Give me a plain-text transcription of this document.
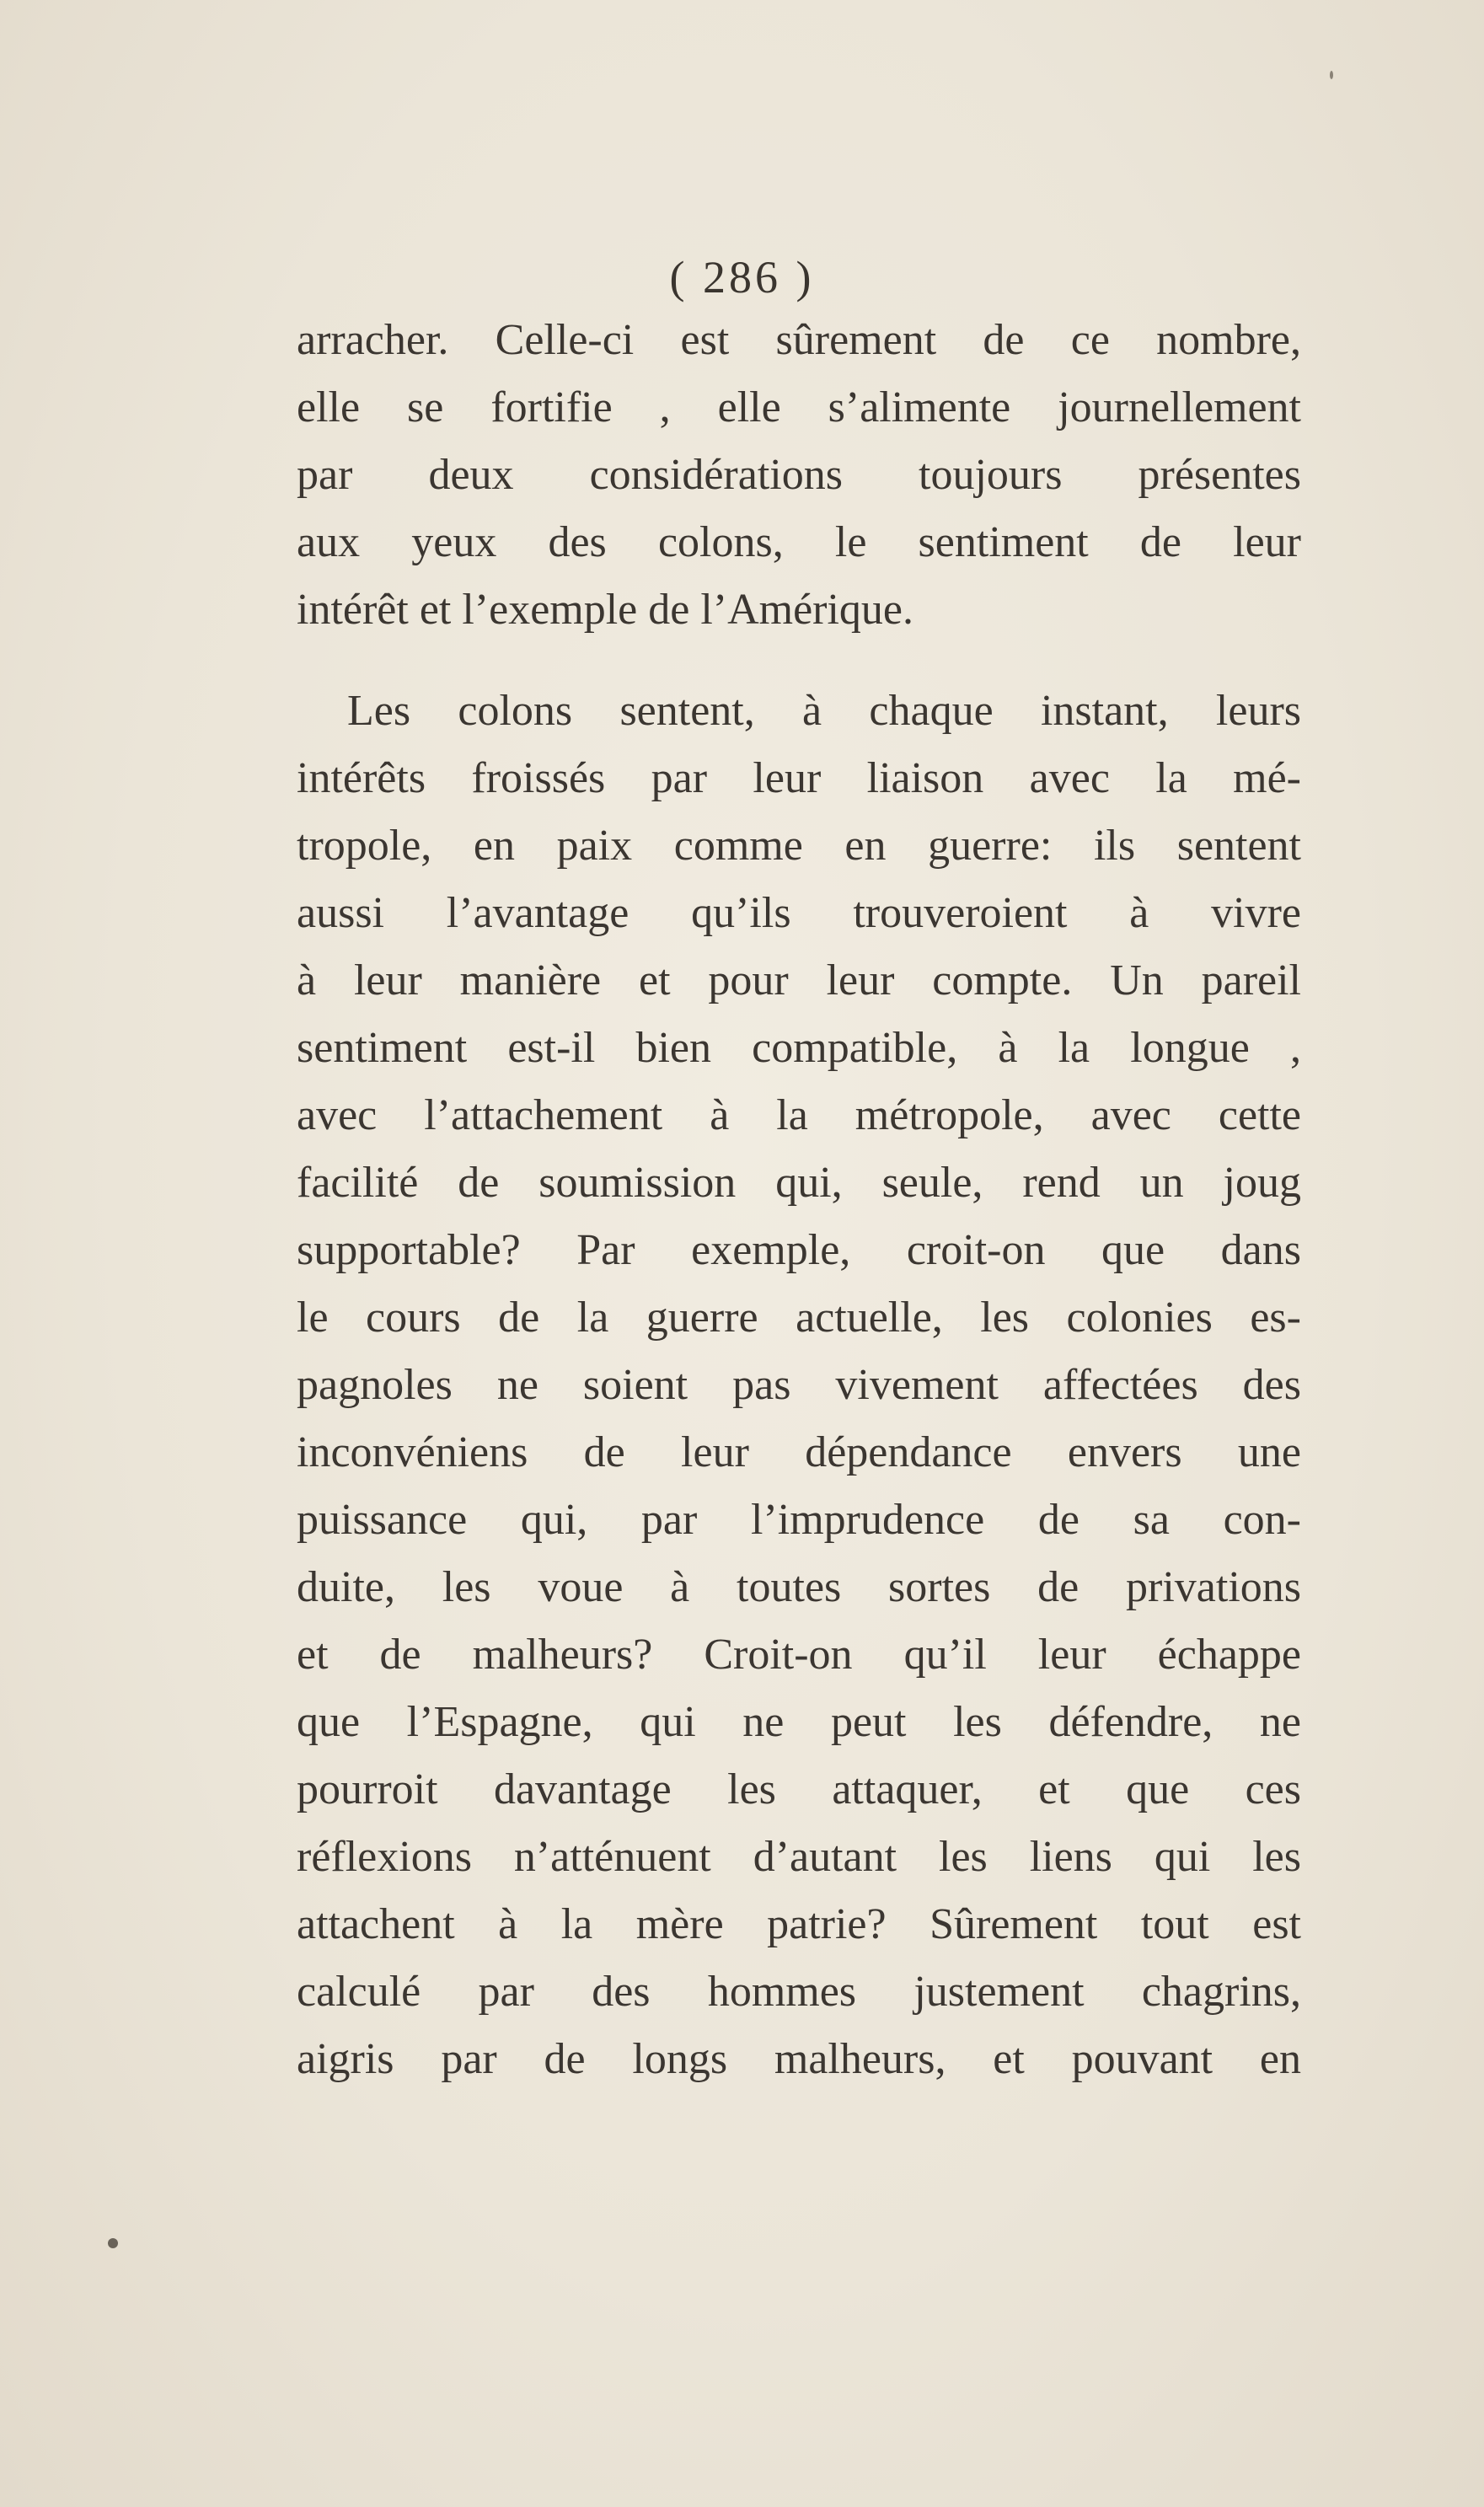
( 286 )
arracher. Celle-ci est sûrement de ce nombre,
elle se fortifie , elle s’alimente journellement
par deux considérations toujours présentes
aux yeux des colons, le sentiment de leur
intérêt et l’exemple de l’Amérique.
Les colons sentent, à chaque instant, leurs
intérêts froissés par leur liaison avec la mé-
tropole, en paix comme en guerre: ils sentent
aussi l’avantage qu’ils trouveroient à vivre
à leur manière et pour leur compte. Un pareil
sentiment est-il bien compatible, à la longue ,
avec l’attachement à la métropole, avec cette
facilité de soumission qui, seule, rend un joug
supportable? Par exemple, croit-on que dans
le cours de la guerre actuelle, les colonies es-
pagnoles ne soient pas vivement affectées des
inconvéniens de leur dépendance envers une
puissance qui, par l’imprudence de sa con-
duite, les voue à toutes sortes de privations
et de malheurs? Croit-on qu’il leur échappe
que l’Espagne, qui ne peut les défendre, ne
pourroit davantage les attaquer, et que ces
réflexions n’atténuent d’autant les liens qui les
attachent à la mère patrie? Sûrement tout est
calculé par des hommes justement chagrins,
aigris par de longs malheurs, et pouvant en
